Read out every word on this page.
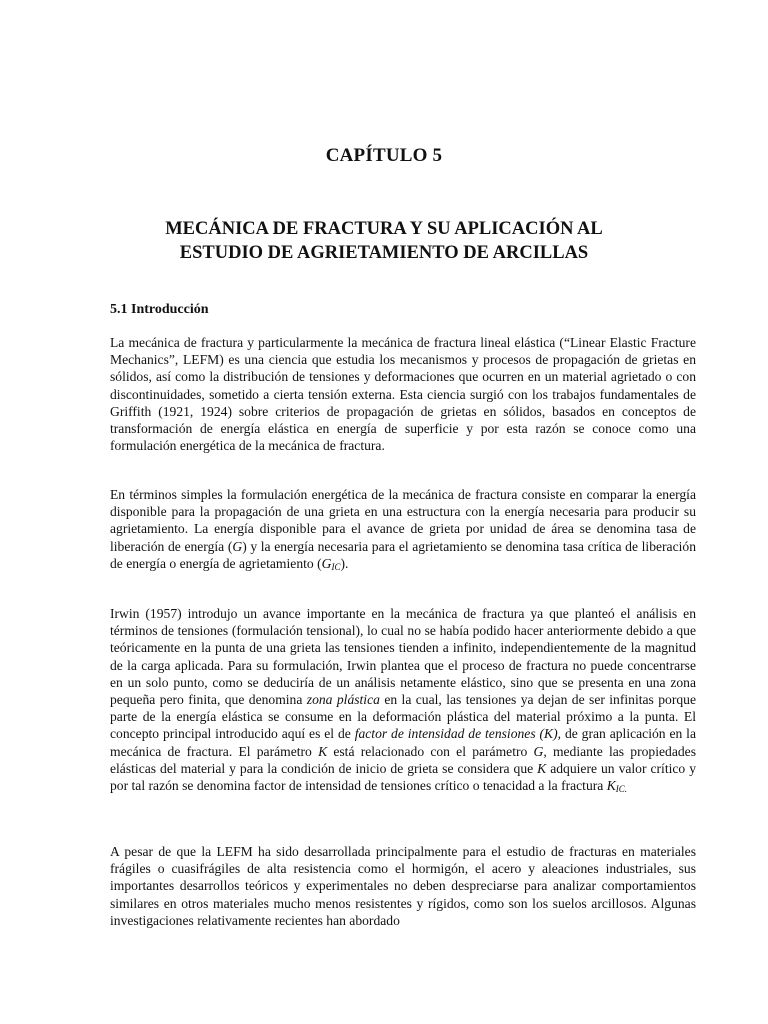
CAPÍTULO 5
MECÁNICA DE FRACTURA Y SU APLICACIÓN AL
ESTUDIO DE AGRIETAMIENTO DE ARCILLAS
5.1 Introducción

La mecánica de fractura y particularmente la mecánica de fractura lineal elástica (“Linear Elastic Fracture Mechanics”, LEFM) es una ciencia que estudia los mecanismos y procesos de propagación de grietas en sólidos, así como la distribución de tensiones y deformaciones que ocurren en un material agrietado o con discontinuidades, sometido a cierta tensión externa. Esta ciencia surgió con los trabajos fundamentales de Griffith (1921, 1924) sobre criterios de propagación de grietas en sólidos, basados en conceptos de transformación de energía elástica en energía de superficie y por esta razón se conoce como una formulación energética de la mecánica de fractura.

En términos simples la formulación energética de la mecánica de fractura consiste en comparar la energía disponible para la propagación de una grieta en una estructura con la energía necesaria para producir su agrietamiento. La energía disponible para el avance de grieta por unidad de área se denomina tasa de liberación de energía (G) y la energía necesaria para el agrietamiento se denomina tasa crítica de liberación de energía o energía de agrietamiento $(G_{IC})$.

Irwin (1957) introdujo un avance importante en la mecánica de fractura ya que planteó el análisis en términos de tensiones (formulación tensional), lo cual no se había podido hacer anteriormente debido a que teóricamente en la punta de una grieta las tensiones tienden a infinito, independientemente de la magnitud de la carga aplicada. Para su formulación, Irwin plantea que el proceso de fractura no puede concentrarse en un solo punto, como se deduciría de un análisis netamente elástico, sino que se presenta en una zona pequeña pero finita, que denomina zona plástica en la cual, las tensiones ya dejan de ser infinitas porque parte de la energía elástica se consume en la deformación plástica del material próximo a la punta. El concepto principal introducido aquí es el de factor de intensidad de tensiones (K), de gran aplicación en la mecánica de fractura. El parámetro K está relacionado con el parámetro G, mediante las propiedades elásticas del material y para la condición de inicio de grieta se considera que K adquiere un valor crítico y por tal razón se denomina factor de intensidad de tensiones crítico o tenacidad a la fractura $K_{IC.}$

A pesar de que la LEFM ha sido desarrollada principalmente para el estudio de fracturas en materiales frágiles o cuasifrágiles de alta resistencia como el hormigón, el acero y aleaciones industriales, sus importantes desarrollos teóricos y experimentales no deben despreciarse para analizar comportamientos similares en otros materiales mucho menos resistentes y rígidos, como son los suelos arcillosos. Algunas investigaciones relativamente recientes han abordado
